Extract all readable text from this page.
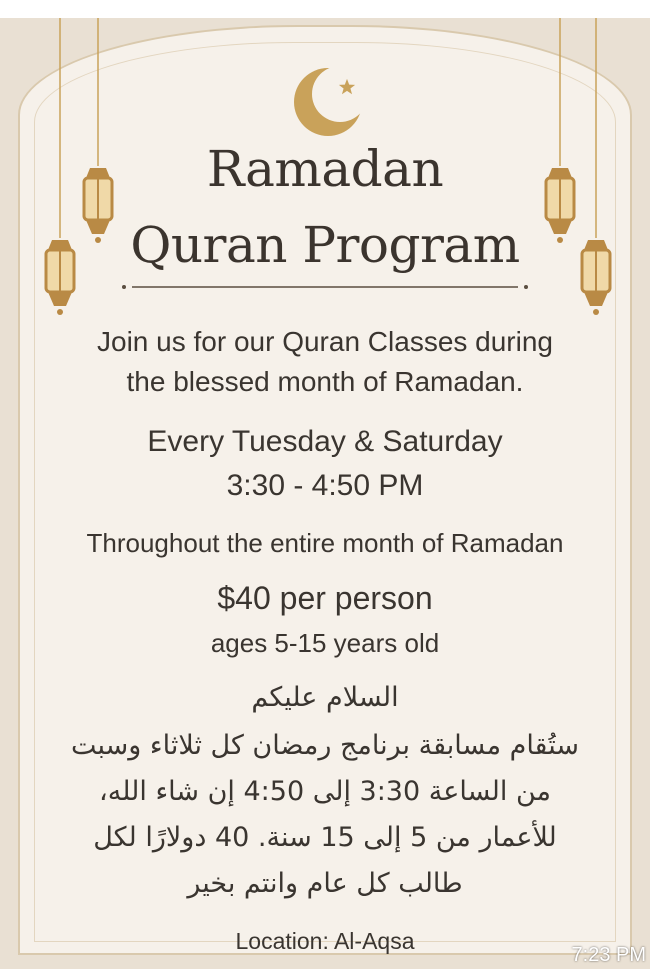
Ramadan
Quran Program
Join us for our Quran Classes during
the blessed month of Ramadan.
Every Tuesday & Saturday
3:30 - 4:50 PM
Throughout the entire month of Ramadan
$40 per person
ages 5-15 years old
السلام عليكم
ستُقام مسابقة برنامج رمضان كل ثلاثاء وسبت
من الساعة 3:30 إلى 4:50 إن شاء الله،
للأعمار من 5 إلى 15 سنة. 40 دولارًا لكل
طالب كل عام وانتم بخير
Location: Al-Aqsa
7:23 PM
